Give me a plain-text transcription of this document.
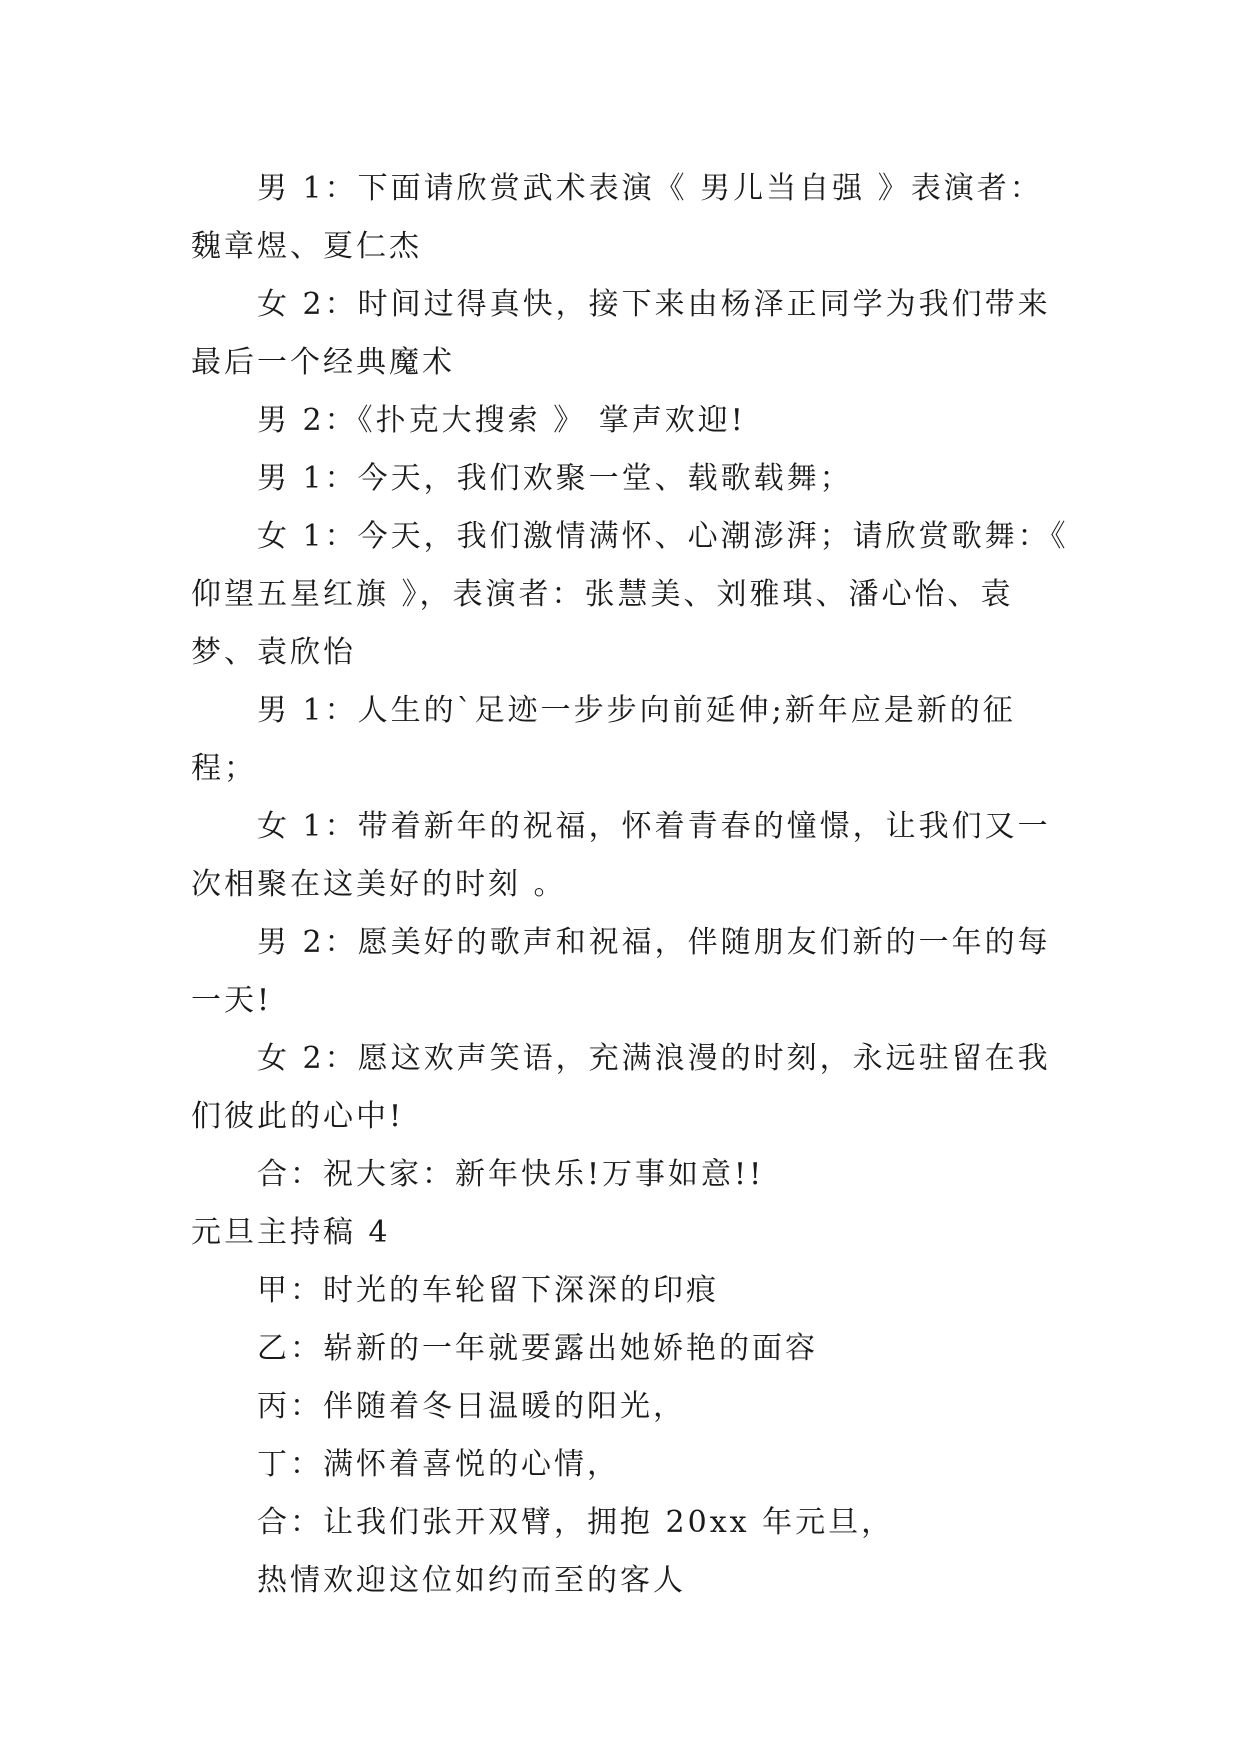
男 1：下面请欣赏武术表演《 男儿当自强 》表演者：魏章煜、夏仁杰

女 2：时间过得真快，接下来由杨泽正同学为我们带来最后一个经典魔术

男 2：《扑克大搜索 》 掌声欢迎!

男 1：今天，我们欢聚一堂、载歌载舞；

女 1：今天，我们激情满怀、心潮澎湃；请欣赏歌舞：《 仰望五星红旗 》，表演者：张慧美、刘雅琪、潘心怡、袁梦、袁欣怡

男 1：人生的`足迹一步步向前延伸;新年应是新的征程；

女 1：带着新年的祝福，怀着青春的憧憬，让我们又一次相聚在这美好的时刻 。

男 2：愿美好的歌声和祝福，伴随朋友们新的一年的每一天!

女 2：愿这欢声笑语，充满浪漫的时刻，永远驻留在我们彼此的心中!

合：祝大家：新年快乐!万事如意!!

元旦主持稿 4

甲：时光的车轮留下深深的印痕

乙：崭新的一年就要露出她娇艳的面容

丙：伴随着冬日温暖的阳光，

丁：满怀着喜悦的心情，

合：让我们张开双臂，拥抱 20xx 年元旦，

热情欢迎这位如约而至的客人
